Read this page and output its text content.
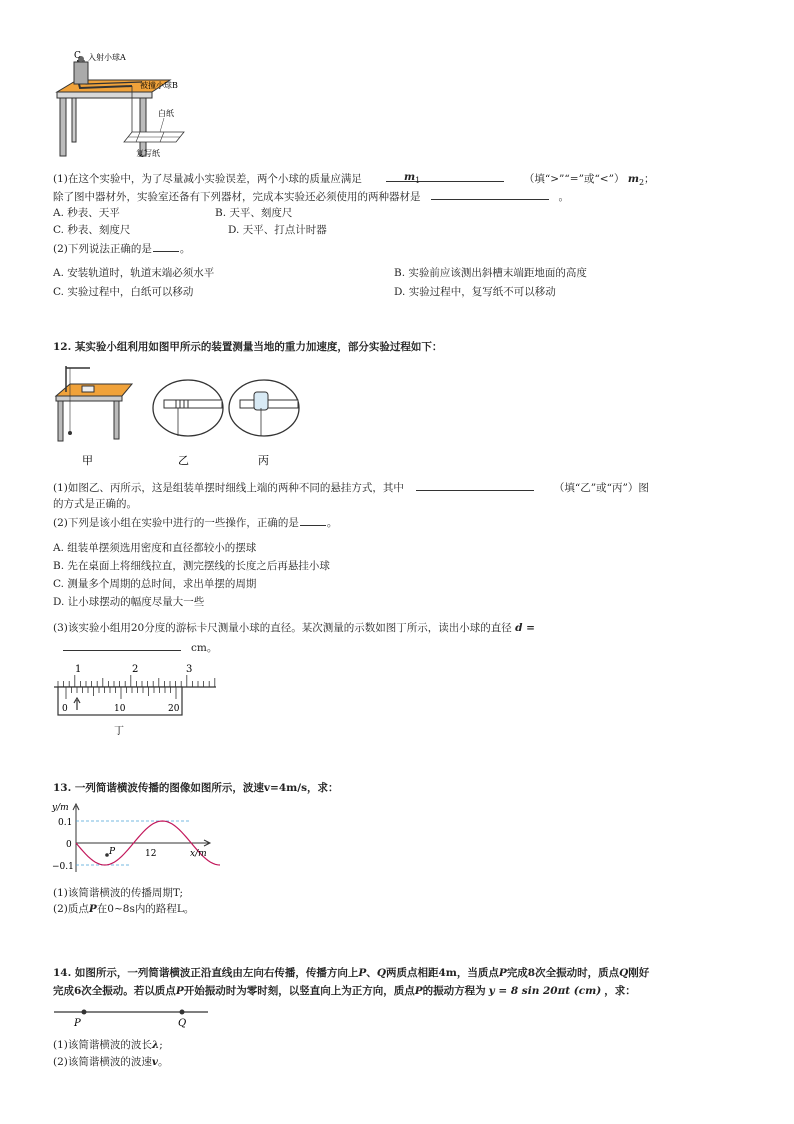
C 入射小球A
被撞小球B
白纸
复写纸
(1)在这个实验中，为了尽量减小实验误差，两个小球的质量应满足	（填“>”“=”或“<”） $m_2$；
$m_1$
除了图中器材外，实验室还备有下列器材，完成本实验还必须使用的两种器材是	。
A. 秒表、天平	B. 天平、刻度尺
C. 秒表、刻度尺	D. 天平、打点计时器
(2)下列说法正确的是	。
A. 安装轨道时，轨道末端必须水平	B. 实验前应该测出斜槽末端距地面的高度
C. 实验过程中，白纸可以移动	D. 实验过程中，复写纸不可以移动
12. 某实验小组利用如图甲所示的装置测量当地的重力加速度，部分实验过程如下：
甲	乙	丙
(1)如图乙、丙所示，这是组装单摆时细线上端的两种不同的悬挂方式，其中	（填“乙”或“丙”）图
的方式是正确的。
(2)下列是该小组在实验中进行的一些操作，正确的是	。
A. 组装单摆须选用密度和直径都较小的摆球
B. 先在桌面上将细线拉直，测完摆线的长度之后再悬挂小球
C. 测量多个周期的总时间，求出单摆的周期
D. 让小球摆动的幅度尽量大一些
(3)该实验小组用20分度的游标卡尺测量小球的直径。某次测量的示数如图丁所示，读出小球的直径 d =
cm。
1	2	3
0	10	20
丁
13. 一列简谐横波传播的图像如图所示，波速v=4m/s，求：
y/m
0.1
0
−0.1
12	x/m
P
(1)该简谐横波的传播周期T;
(2)质点P在0~8s内的路程L。
14. 如图所示，一列简谐横波正沿直线由左向右传播，传播方向上P、Q两质点相距4m，当质点P完成8次全振动时，质点Q刚好
完成6次全振动。若以质点P开始振动时为零时刻，以竖直向上为正方向，质点P的振动方程为 y = 8 sin 20πt (cm) ，求：
P	Q
(1)该简谐横波的波长λ;
(2)该简谐横波的波速v。
